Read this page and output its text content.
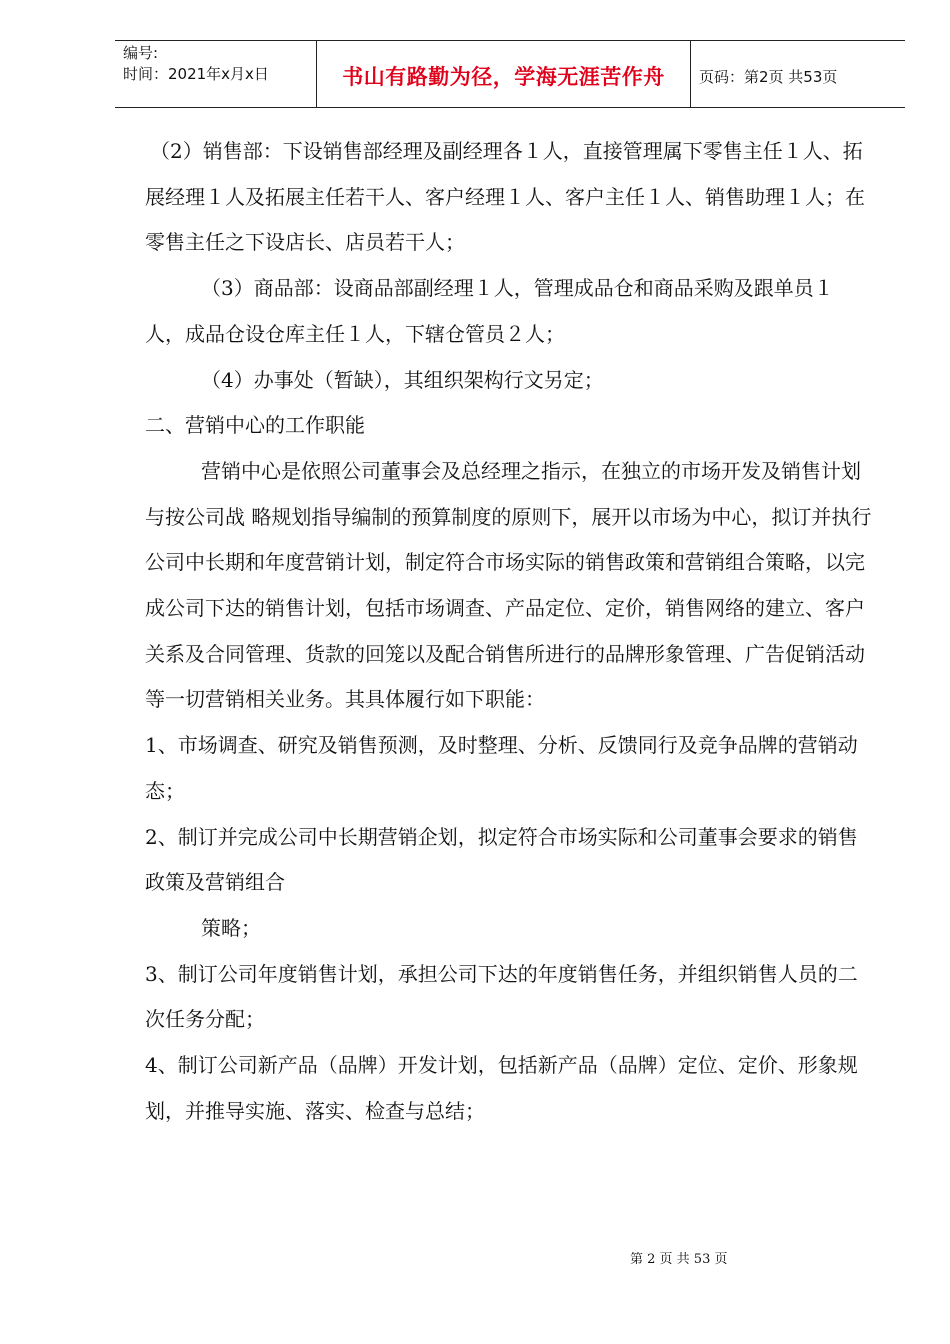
编号:
时间：2021年x月x日	书山有路勤为径，学海无涯苦作舟	页码：第2页 共53页

（2）销售部：下设销售部经理及副经理各１人，直接管理属下零售主任１人、拓展经理１人及拓展主任若干人、客户经理１人、客户主任１人、销售助理１人；在零售主任之下设店长、店员若干人；

（3）商品部：设商品部副经理１人，管理成品仓和商品采购及跟单员１人，成品仓设仓库主任１人，下辖仓管员２人；

（4）办事处（暂缺），其组织架构行文另定；

二、营销中心的工作职能

营销中心是依照公司董事会及总经理之指示，在独立的市场开发及销售计划与按公司战 略规划指导编制的预算制度的原则下，展开以市场为中心，拟订并执行公司中长期和年度营销计划，制定符合市场实际的销售政策和营销组合策略，以完成公司下达的销售计划，包括市场调查、产品定位、定价，销售网络的建立、客户关系及合同管理、货款的回笼以及配合销售所进行的品牌形象管理、广告促销活动等一切营销相关业务。其具体履行如下职能：

1、市场调查、研究及销售预测，及时整理、分析、反馈同行及竞争品牌的营销动态；

2、制订并完成公司中长期营销企划，拟定符合市场实际和公司董事会要求的销售政策及营销组合

策略；

3、制订公司年度销售计划，承担公司下达的年度销售任务，并组织销售人员的二次任务分配；

4、制订公司新产品（品牌）开发计划，包括新产品（品牌）定位、定价、形象规划，并推导实施、落实、检查与总结；

第 2 页 共 53 页
